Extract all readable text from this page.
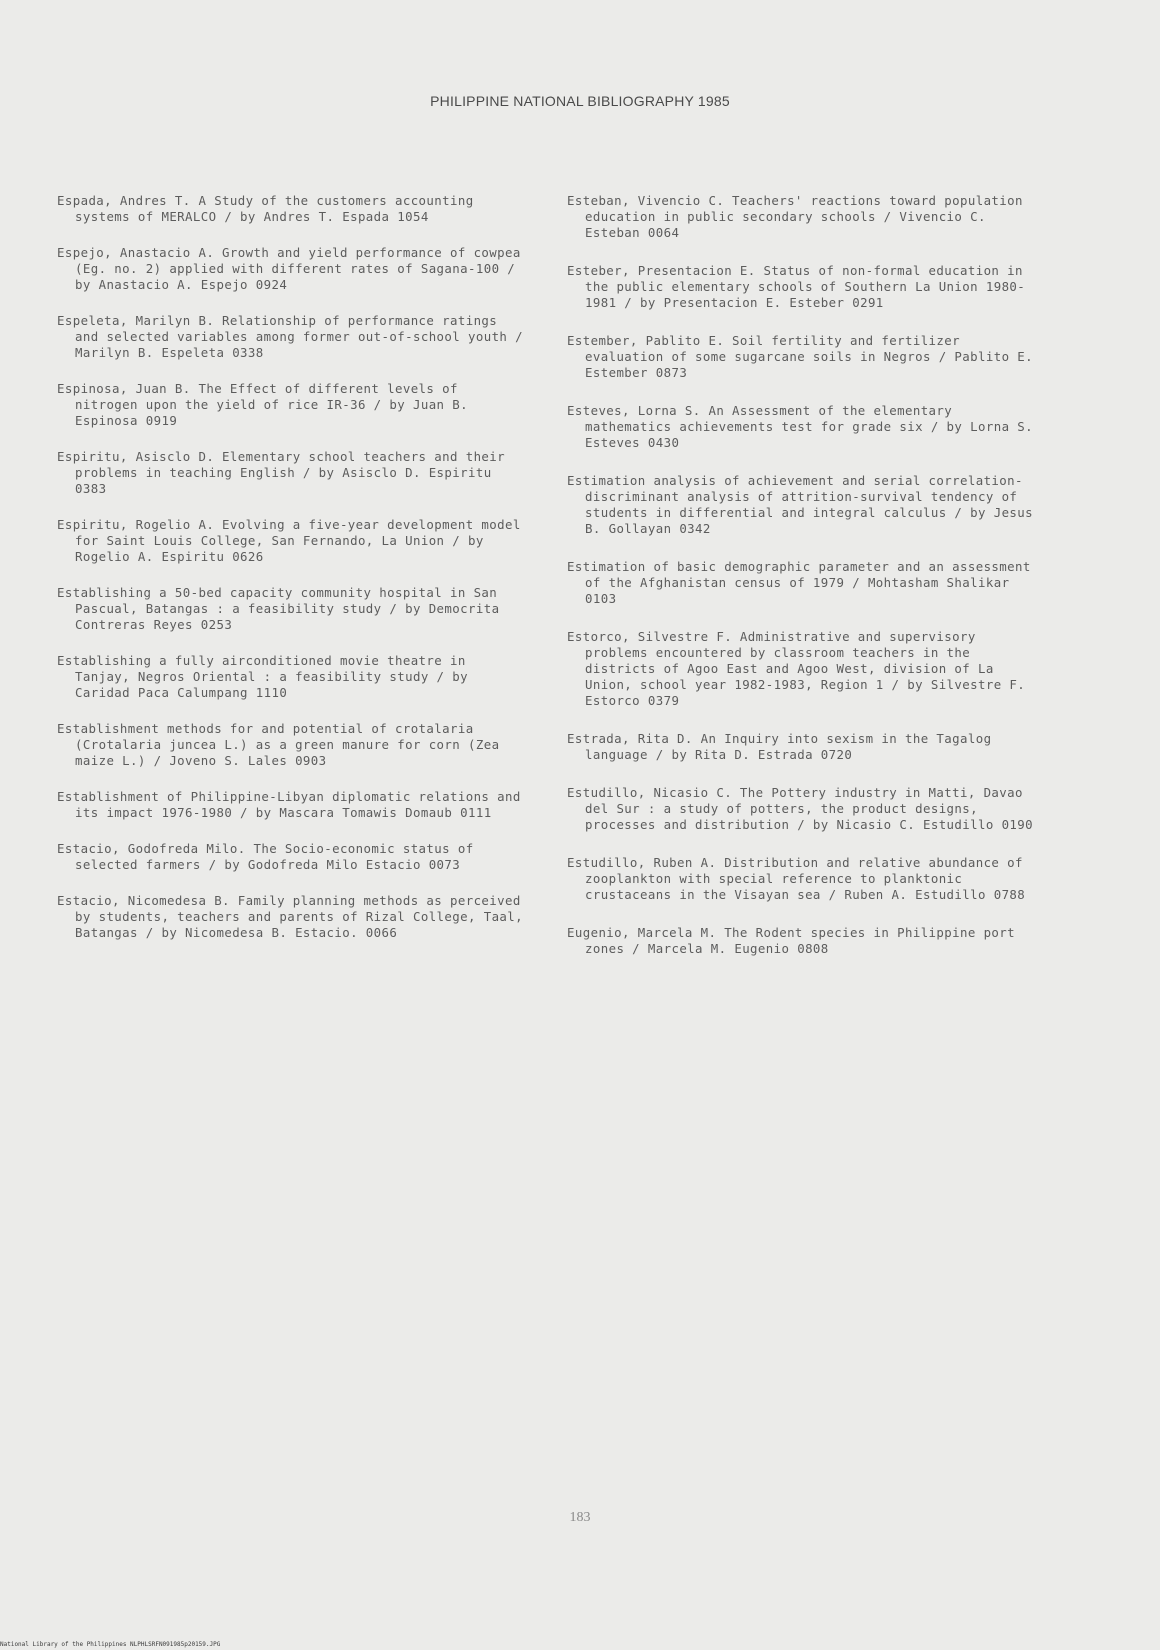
PHILIPPINE NATIONAL BIBLIOGRAPHY 1985

Espada, Andres T. A Study of the customers accounting systems of MERALCO / by Andres T. Espada 1054

Espejo, Anastacio A. Growth and yield performance of cowpea (Eg. no. 2) applied with different rates of Sagana-100 / by Anastacio A. Espejo 0924

Espeleta, Marilyn B. Relationship of performance ratings and selected variables among former out-of-school youth / Marilyn B. Espeleta 0338

Espinosa, Juan B. The Effect of different levels of nitrogen upon the yield of rice IR-36 / by Juan B. Espinosa 0919

Espiritu, Asisclo D. Elementary school teachers and their problems in teaching English / by Asisclo D. Espiritu 0383

Espiritu, Rogelio A. Evolving a five-year development model for Saint Louis College, San Fernando, La Union / by Rogelio A. Espiritu 0626

Establishing a 50-bed capacity community hospital in San Pascual, Batangas : a feasibility study / by Democrita Contreras Reyes 0253

Establishing a fully airconditioned movie theatre in Tanjay, Negros Oriental : a feasibility study / by Caridad Paca Calumpang 1110

Establishment methods for and potential of crotalaria (Crotalaria juncea L.) as a green manure for corn (Zea maize L.) / Joveno S. Lales 0903

Establishment of Philippine-Libyan diplomatic relations and its impact 1976-1980 / by Mascara Tomawis Domaub 0111

Estacio, Godofreda Milo. The Socio-economic status of selected farmers / by Godofreda Milo Estacio 0073

Estacio, Nicomedesa B. Family planning methods as perceived by students, teachers and parents of Rizal College, Taal, Batangas / by Nicomedesa B. Estacio. 0066

Esteban, Vivencio C. Teachers' reactions toward population education in public secondary schools / Vivencio C. Esteban 0064

Esteber, Presentacion E. Status of non-formal education in the public elementary schools of Southern La Union 1980-1981 / by Presentacion E. Esteber 0291

Estember, Pablito E. Soil fertility and fertilizer evaluation of some sugarcane soils in Negros / Pablito E. Estember 0873

Esteves, Lorna S. An Assessment of the elementary mathematics achievements test for grade six / by Lorna S. Esteves 0430

Estimation analysis of achievement and serial correlation-discriminant analysis of attrition-survival tendency of students in differential and integral calculus / by Jesus B. Gollayan 0342

Estimation of basic demographic parameter and an assessment of the Afghanistan census of 1979 / Mohtasham Shalikar 0103

Estorco, Silvestre F. Administrative and supervisory problems encountered by classroom teachers in the districts of Agoo East and Agoo West, division of La Union, school year 1982-1983, Region 1 / by Silvestre F. Estorco 0379

Estrada, Rita D. An Inquiry into sexism in the Tagalog language / by Rita D. Estrada 0720

Estudillo, Nicasio C. The Pottery industry in Matti, Davao del Sur : a study of potters, the product designs, processes and distribution / by Nicasio C. Estudillo 0190

Estudillo, Ruben A. Distribution and relative abundance of zooplankton with special reference to planktonic crustaceans in the Visayan sea / Ruben A. Estudillo 0788

Eugenio, Marcela M. The Rodent species in Philippine port zones / Marcela M. Eugenio 0808

183
National Library of the Philippines NLPHLSRFN091985p20159.JPG
